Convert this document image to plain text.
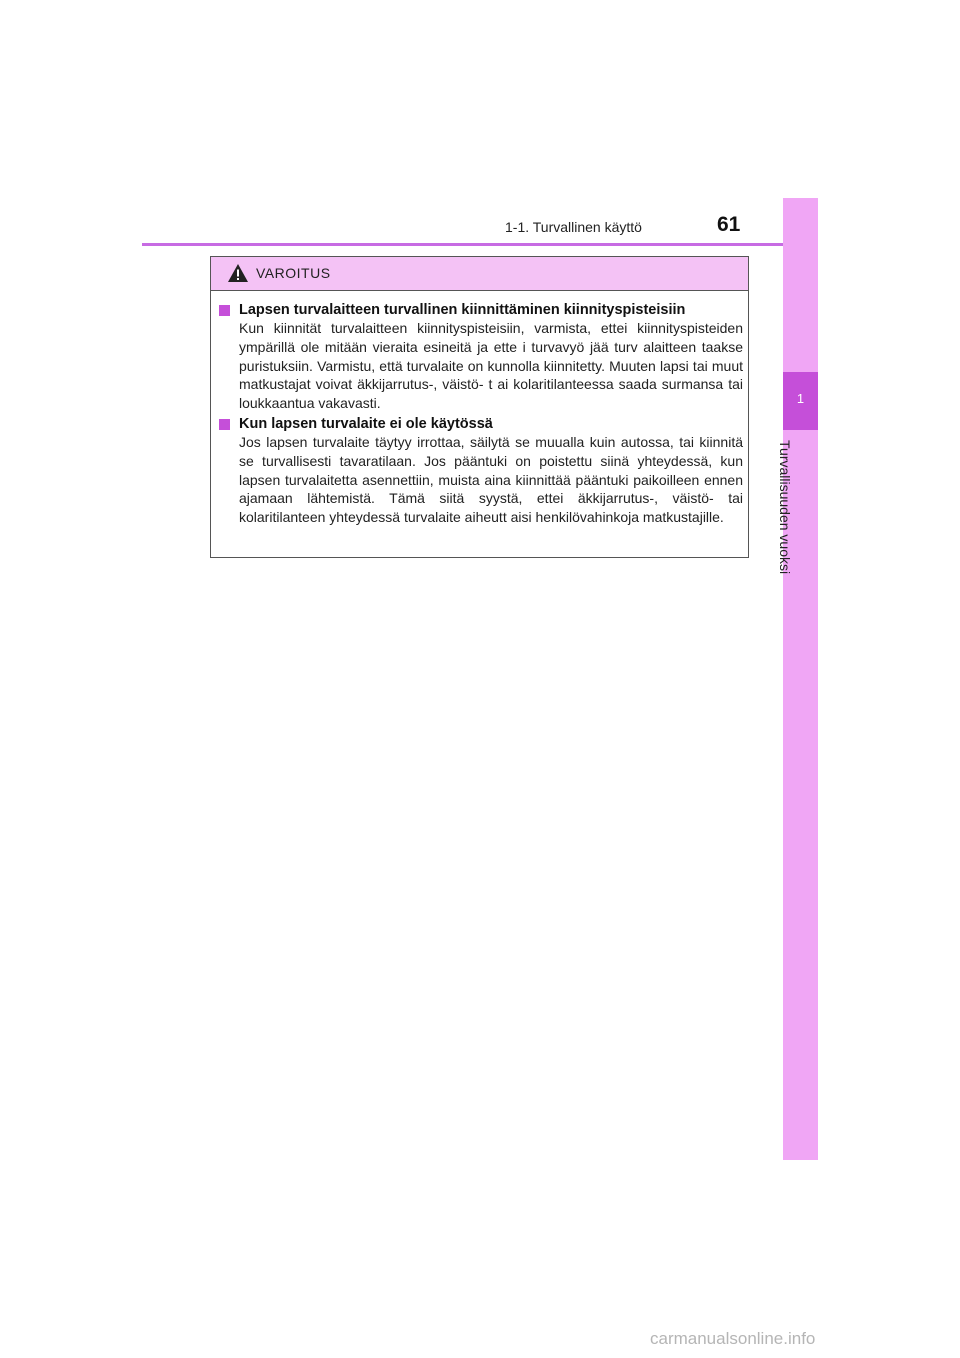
1-1. Turvallinen käyttö	61
1
Turvallisuuden vuoksi
VAROITUS
Lapsen turvalaitteen turvallinen kiinnittäminen kiinnityspisteisiin
Kun kiinnität turvalaitteen kiinnityspisteisiin, varmista, ettei kiinnityspisteiden ympärillä ole mitään vieraita esineitä ja ette i turvavyö jää turv alaitteen taakse puristuksiin. Varmistu, että turvalaite on kunnolla kiinnitetty. Muuten lapsi tai muut matkustajat voivat äkkijarrutus-, väistö- t ai kolaritilanteessa saada surmansa tai loukkaantua vakavasti.
Kun lapsen turvalaite ei ole käytössä
Jos lapsen turvalaite täytyy irrottaa, säilytä se muualla kuin autossa, tai kiinnitä se turvallisesti tavaratilaan. Jos pääntuki on poistettu siinä yhteydessä, kun lapsen turvalaitetta asennettiin, muista aina kiinnittää pääntuki paikoilleen ennen ajamaan lähtemistä. Tämä siitä syystä, ettei äkkijarrutus-, väistö- tai kolaritilanteen yhteydessä turvalaite aiheutt aisi henkilövahinkoja matkustajille.
carmanualsonline.info
